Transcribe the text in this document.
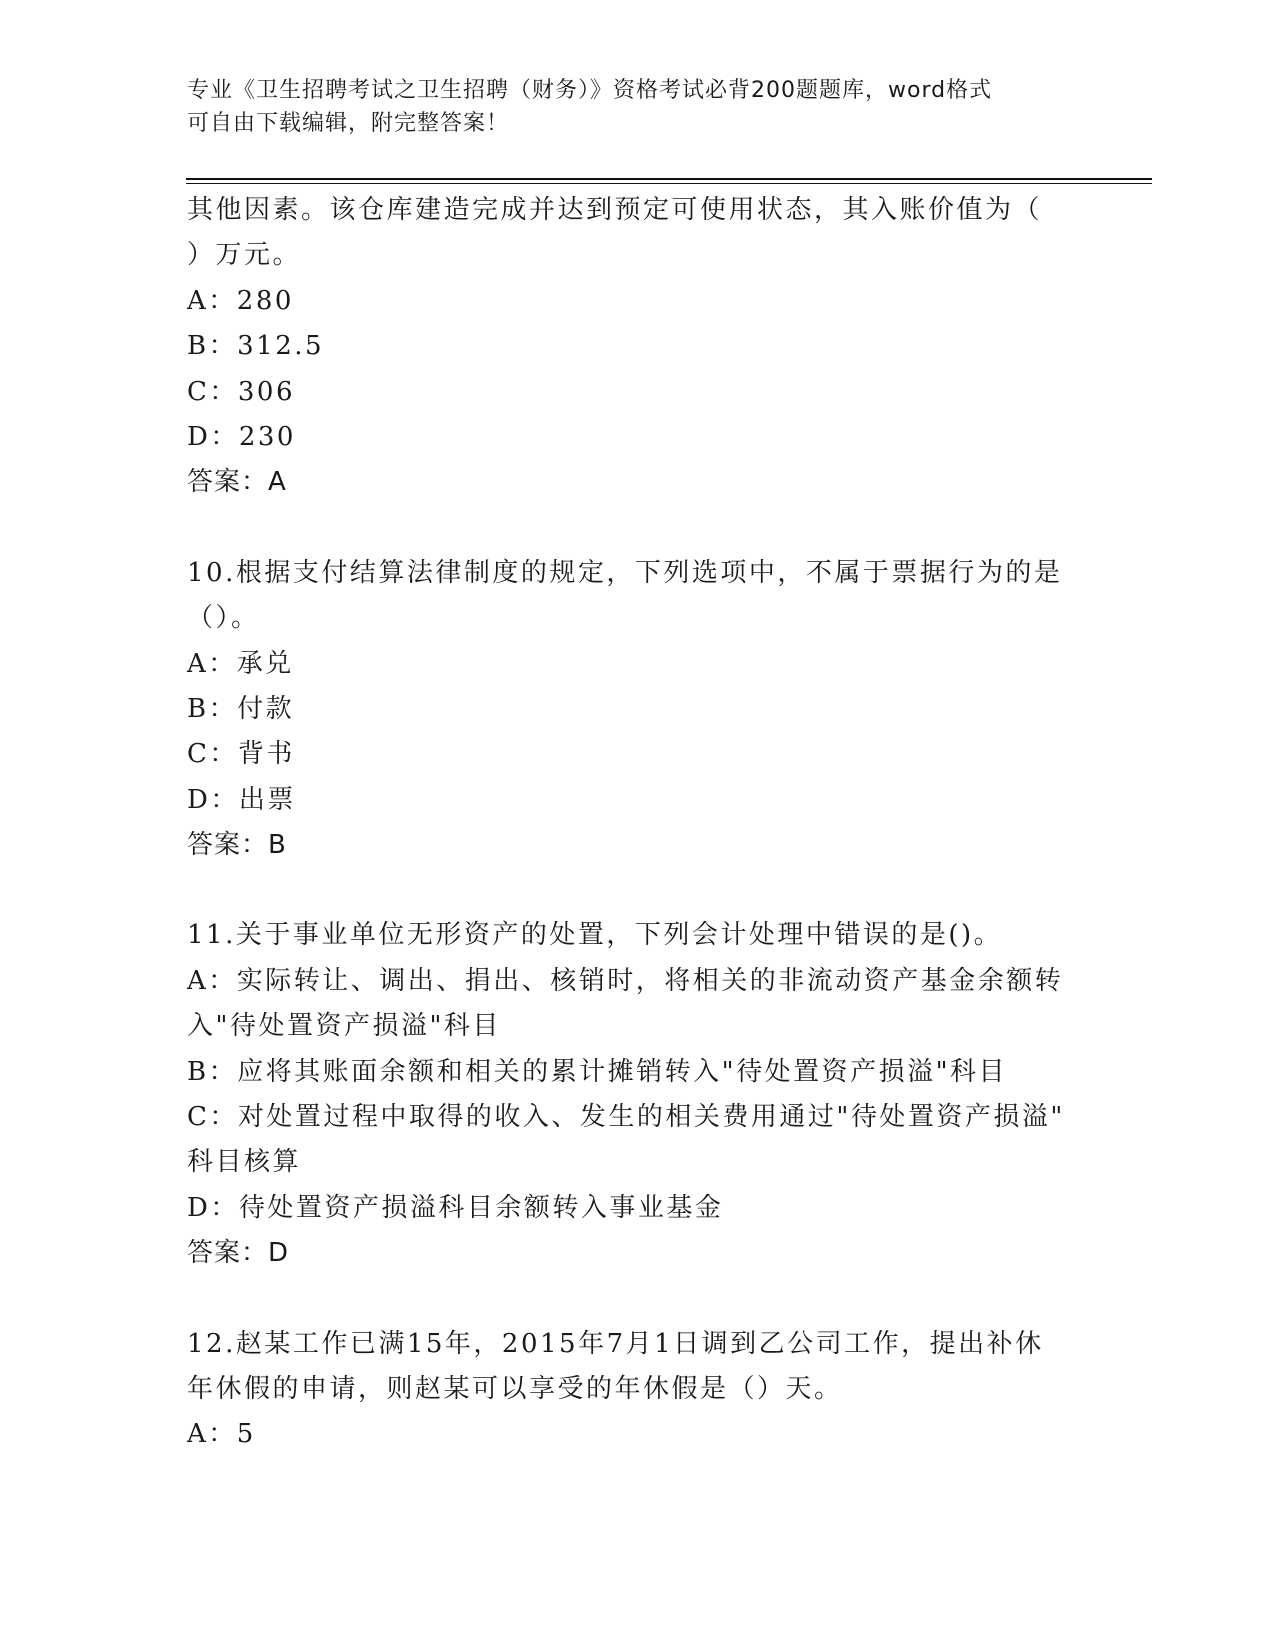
专业《卫生招聘考试之卫生招聘（财务）》资格考试必背200题题库，word格式
可自由下载编辑，附完整答案！
其他因素。该仓库建造完成并达到预定可使用状态，其入账价值为（
）万元。
A：280
B：312.5
C：306
D：230
答案：A
10.根据支付结算法律制度的规定，下列选项中，不属于票据行为的是
（）。
A：承兑
B：付款
C：背书
D：出票
答案：B
11.关于事业单位无形资产的处置，下列会计处理中错误的是()。
A：实际转让、调出、捐出、核销时，将相关的非流动资产基金余额转
入"待处置资产损溢"科目
B：应将其账面余额和相关的累计摊销转入"待处置资产损溢"科目
C：对处置过程中取得的收入、发生的相关费用通过"待处置资产损溢"
科目核算
D：待处置资产损溢科目余额转入事业基金
答案：D
12.赵某工作已满15年，2015年7月1日调到乙公司工作，提出补休
年休假的申请，则赵某可以享受的年休假是（）天。
A：5
